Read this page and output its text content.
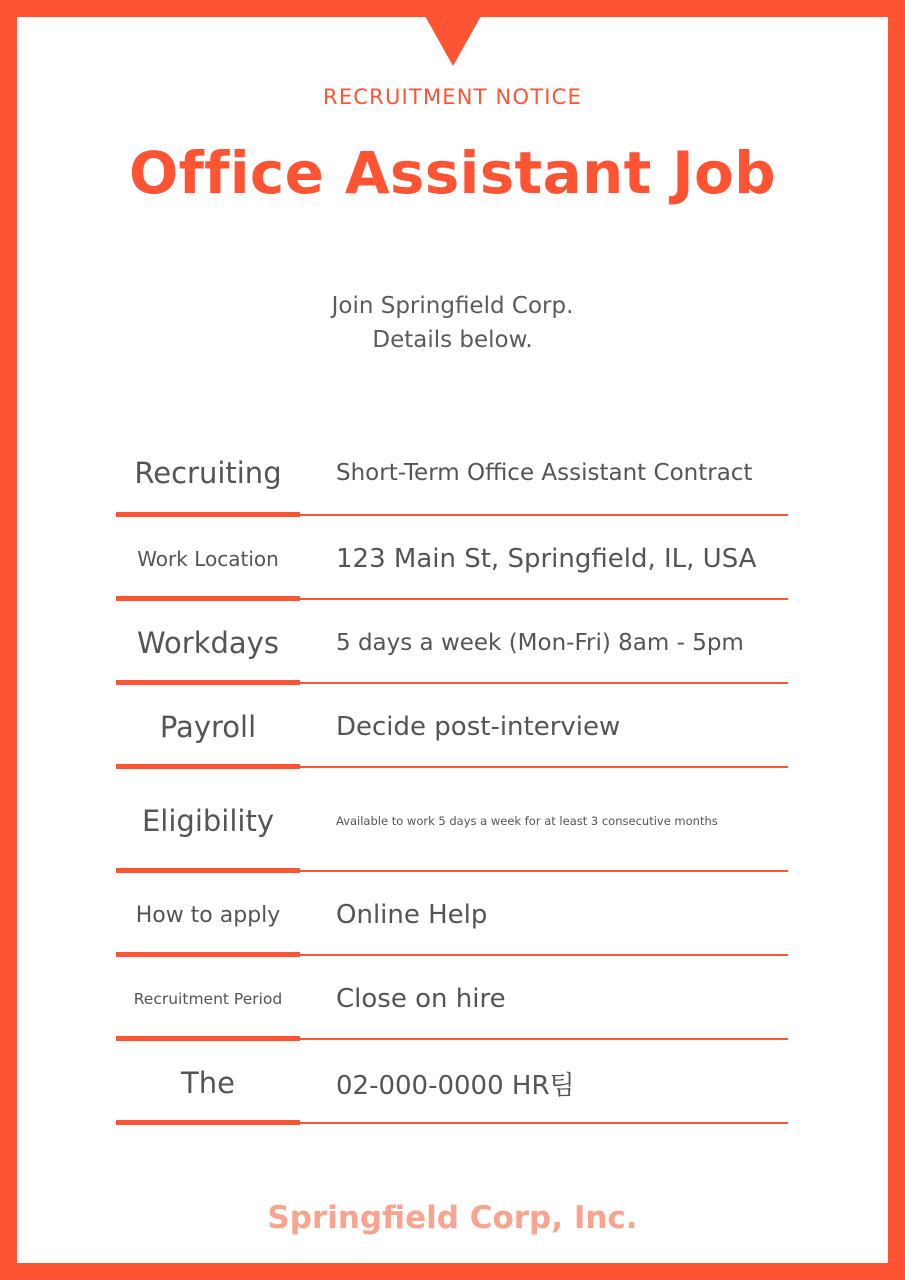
RECRUITMENT NOTICE
Office Assistant Job
Join Springfield Corp.
Details below.
Recruiting	Short-Term Office Assistant Contract
Work Location	123 Main St, Springfield, IL, USA
Workdays	5 days a week (Mon-Fri) 8am - 5pm
Payroll	Decide post-interview
Eligibility	Available to work 5 days a week for at least 3 consecutive months
How to apply	Online Help
Recruitment Period	Close on hire
The	02-000-0000 HR팀
Springfield Corp, Inc.
